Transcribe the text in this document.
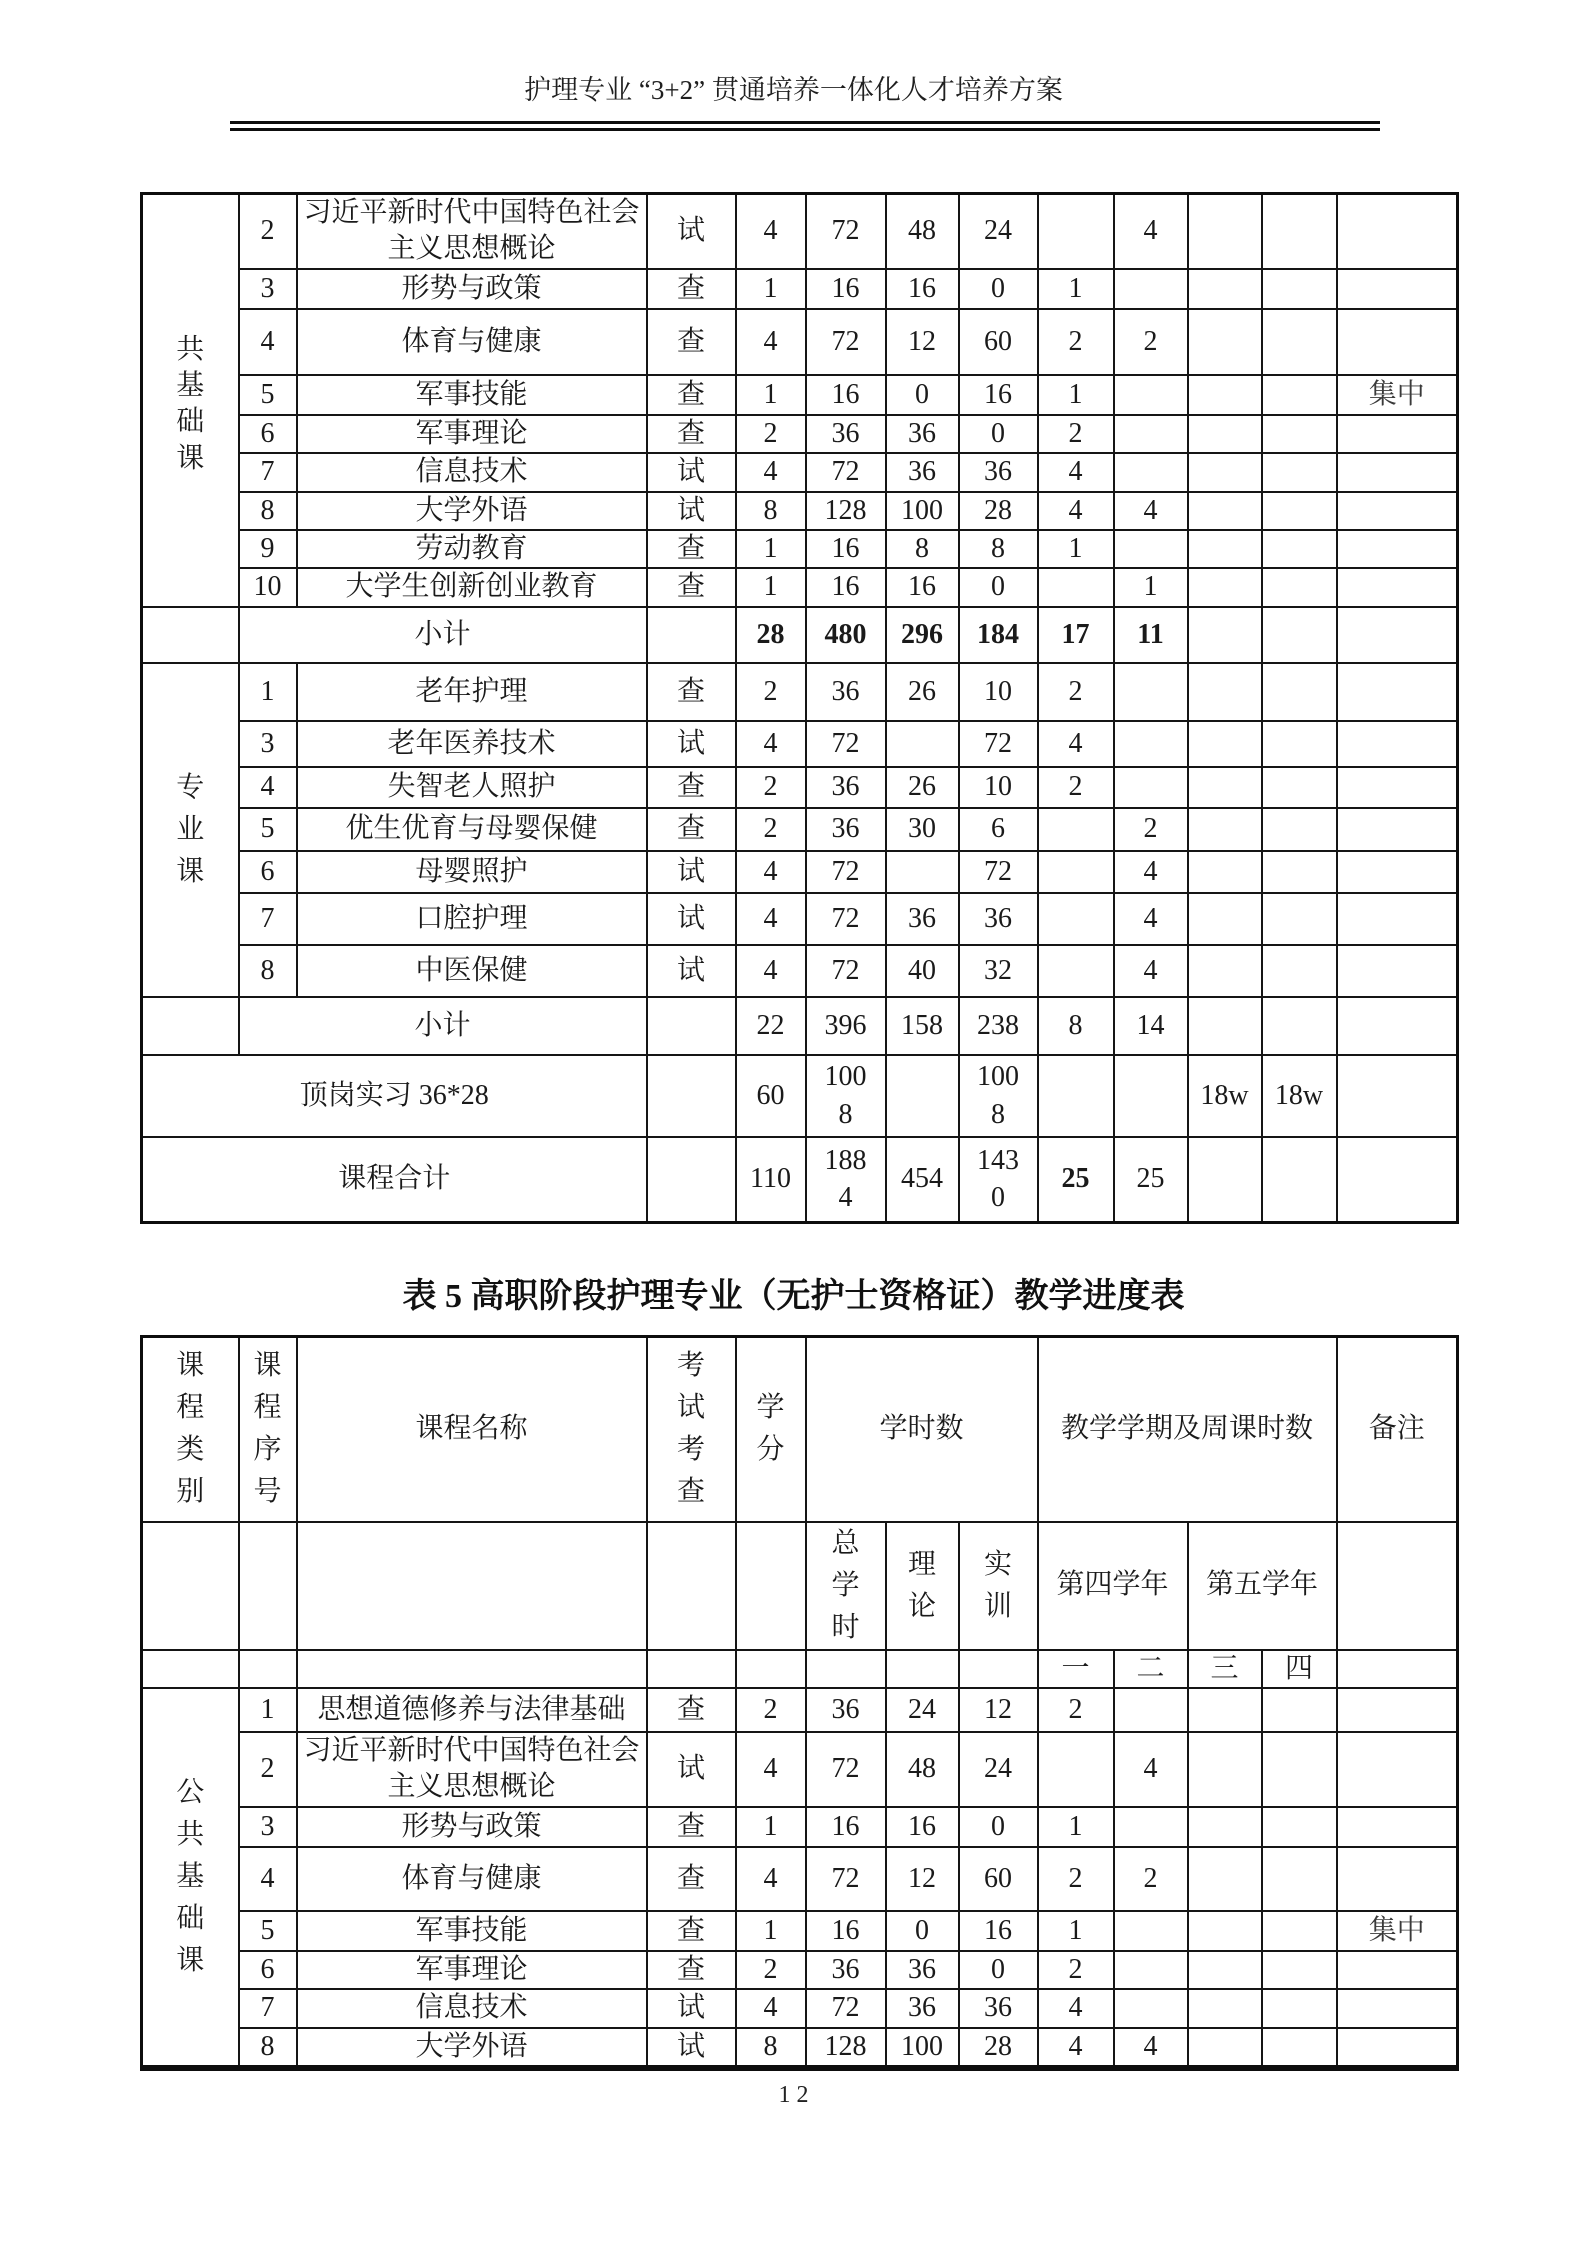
护理专业 “3+2” 贯通培养一体化人才培养方案
共基础课	2	习近平新时代中国特色社会主义思想概论	试	4	72	48	24		4			
	3	形势与政策	查	1	16	16	0	1				
	4	体育与健康	查	4	72	12	60	2	2			
	5	军事技能	查	1	16	0	16	1				集中
	6	军事理论	查	2	36	36	0	2				
	7	信息技术	试	4	72	36	36	4				
	8	大学外语	试	8	128	100	28	4	4			
	9	劳动教育	查	1	16	8	8	1				
	10	大学生创新创业教育	查	1	16	16	0		1			
	小计			28	480	296	184	17	11			
专业课	1	老年护理	查	2	36	26	10	2				
	3	老年医养技术	试	4	72		72	4				
	4	失智老人照护	查	2	36	26	10	2				
	5	优生优育与母婴保健	查	2	36	30	6		2			
	6	母婴照护	试	4	72		72		4			
	7	口腔护理	试	4	72	36	36		4			
	8	中医保健	试	4	72	40	32		4			
	小计			22	396	158	238	8	14			
顶岗实习 36*28				60	1008		1008			18w	18w	
课程合计				110	1884	454	1430	25	25			
表 5 高职阶段护理专业（无护士资格证）教学进度表
课程类别	课程序号	课程名称	考试考查	学分	学时数			教学学期及周课时数				备注
					总学时	理论	实训	第四学年		第五学年		
								一	二	三	四	
公共基础课	1	思想道德修养与法律基础	查	2	36	24	12	2				
	2	习近平新时代中国特色社会主义思想概论	试	4	72	48	24		4			
	3	形势与政策	查	1	16	16	0	1				
	4	体育与健康	查	4	72	12	60	2	2			
	5	军事技能	查	1	16	0	16	1				集中
	6	军事理论	查	2	36	36	0	2				
	7	信息技术	试	4	72	36	36	4				
	8	大学外语	试	8	128	100	28	4	4			
1 2
